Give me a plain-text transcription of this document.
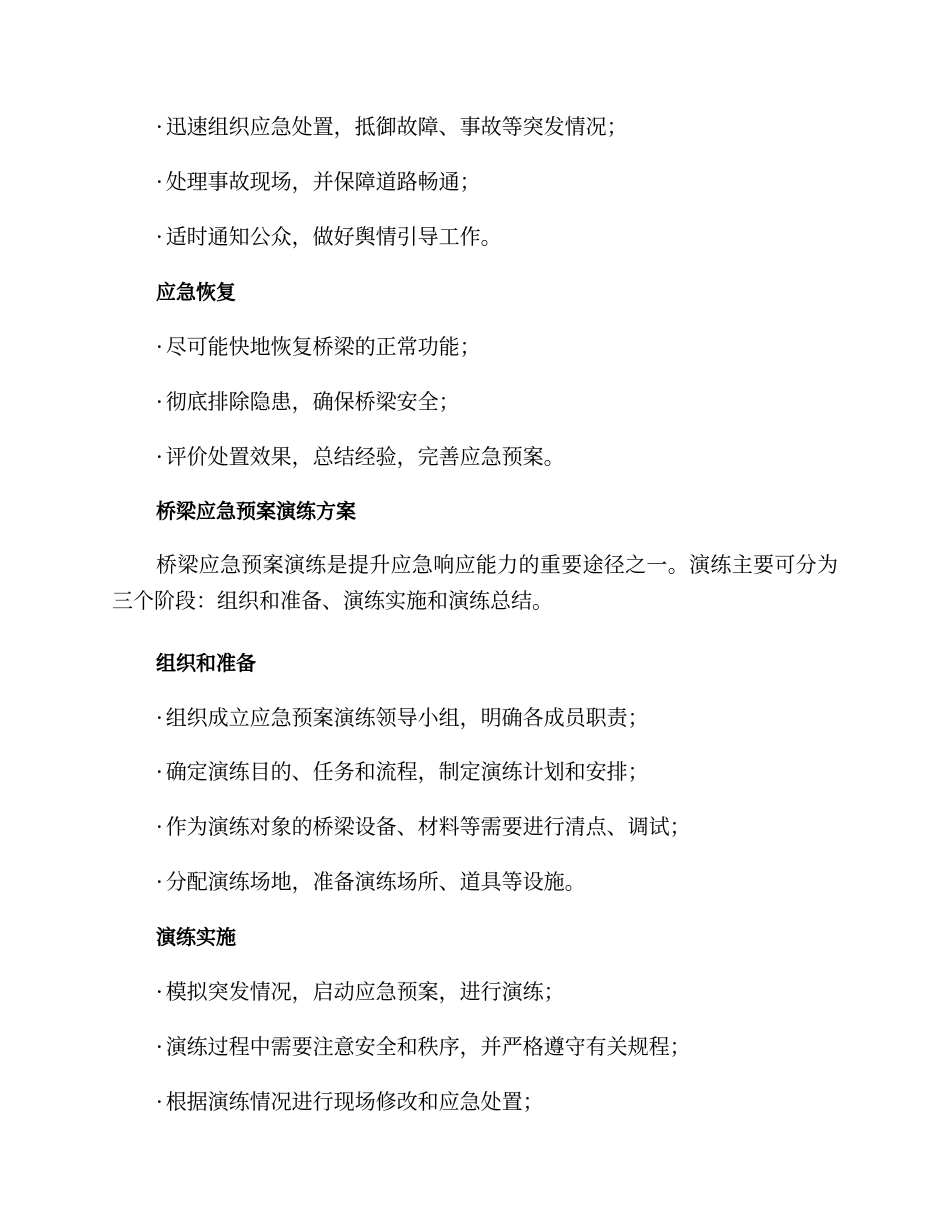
· 迅速组织应急处置，抵御故障、事故等突发情况；
· 处理事故现场，并保障道路畅通；
· 适时通知公众，做好舆情引导工作。
应急恢复
· 尽可能快地恢复桥梁的正常功能；
· 彻底排除隐患，确保桥梁安全；
· 评价处置效果，总结经验，完善应急预案。
桥梁应急预案演练方案
桥梁应急预案演练是提升应急响应能力的重要途径之一。演练主要可分为三个阶段：组织和准备、演练实施和演练总结。
组织和准备
· 组织成立应急预案演练领导小组，明确各成员职责；
· 确定演练目的、任务和流程，制定演练计划和安排；
· 作为演练对象的桥梁设备、材料等需要进行清点、调试；
· 分配演练场地，准备演练场所、道具等设施。
演练实施
· 模拟突发情况，启动应急预案，进行演练；
· 演练过程中需要注意安全和秩序，并严格遵守有关规程；
· 根据演练情况进行现场修改和应急处置；
